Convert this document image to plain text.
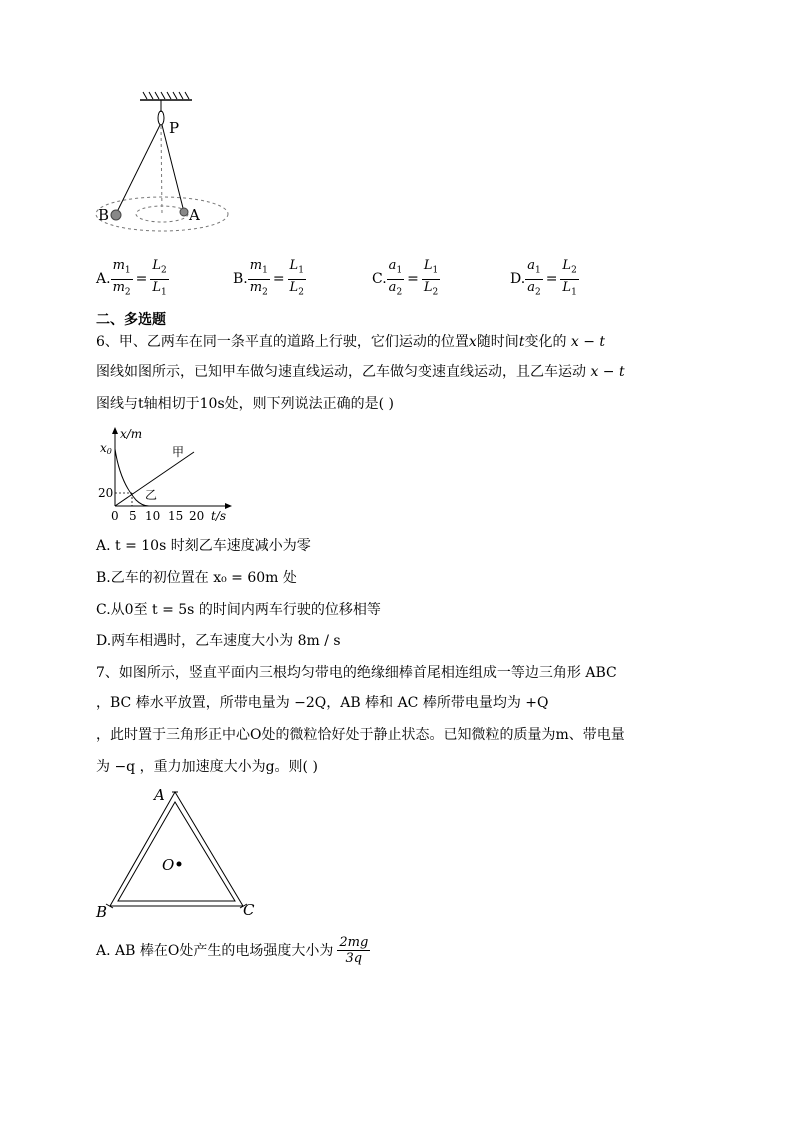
P
B	A
A. $\frac{m_1}{m_2} = \frac{L_2}{L_1}$	B. $\frac{m_1}{m_2} = \frac{L_1}{L_2}$	C. $\frac{a_1}{a_2} = \frac{L_1}{L_2}$	D. $\frac{a_1}{a_2} = \frac{L_2}{L_1}$
二、多选题
6、甲、乙两车在同一条平直的道路上行驶，它们运动的位置x随时间t变化的 x − t
图线如图所示，已知甲车做匀速直线运动，乙车做匀变速直线运动，且乙车运动 x − t
图线与t轴相切于10s处，则下列说法正确的是( )
x/m
x0
20
0 5 10 15 20 t/s
甲
乙
A. t = 10s 时刻乙车速度减小为零
B.乙车的初位置在 x₀ = 60m 处
C.从0至 t = 5s 的时间内两车行驶的位移相等
D.两车相遇时，乙车速度大小为 8m / s
7、如图所示，竖直平面内三根均匀带电的绝缘细棒首尾相连组成一等边三角形 ABC
，BC 棒水平放置，所带电量为 −2Q，AB 棒和 AC 棒所带电量均为 +Q
，此时置于三角形正中心O处的微粒恰好处于静止状态。已知微粒的质量为m、带电量
为 −q ，重力加速度大小为g。则( )
A
B	C
O
A. AB 棒在O处产生的电场强度大小为 $\frac{2mg}{3q}$
